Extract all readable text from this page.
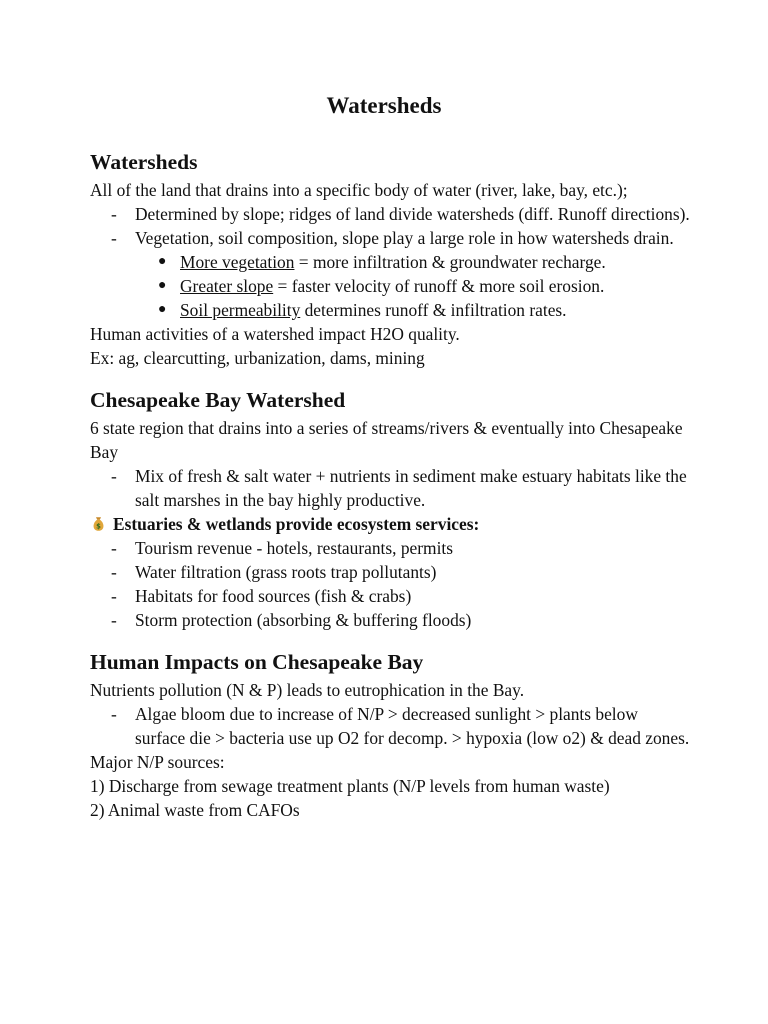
Watersheds
Watersheds

All of the land that drains into a specific body of water (river, lake, bay, etc.);

- Determined by slope; ridges of land divide watersheds (diff. Runoff directions).
- Vegetation, soil composition, slope play a large role in how watersheds drain.
● More vegetation = more infiltration & groundwater recharge.
● Greater slope = faster velocity of runoff & more soil erosion.
● Soil permeability determines runoff & infiltration rates.

Human activities of a watershed impact H2O quality.

Ex: ag, clearcutting, urbanization, dams, mining

Chesapeake Bay Watershed

6 state region that drains into a series of streams/rivers & eventually into Chesapeake Bay

- Mix of fresh & salt water + nutrients in sediment make estuary habitats like the salt marshes in the bay highly productive.

$ Estuaries & wetlands provide ecosystem services:

- Tourism revenue - hotels, restaurants, permits
- Water filtration (grass roots trap pollutants)
- Habitats for food sources (fish & crabs)
- Storm protection (absorbing & buffering floods)
Human Impacts on Chesapeake Bay

Nutrients pollution (N & P) leads to eutrophication in the Bay.

- Algae bloom due to increase of N/P > decreased sunlight > plants below surface die > bacteria use up O2 for decomp. > hypoxia (low o2) & dead zones.

Major N/P sources:

1) Discharge from sewage treatment plants (N/P levels from human waste)

2) Animal waste from CAFOs
